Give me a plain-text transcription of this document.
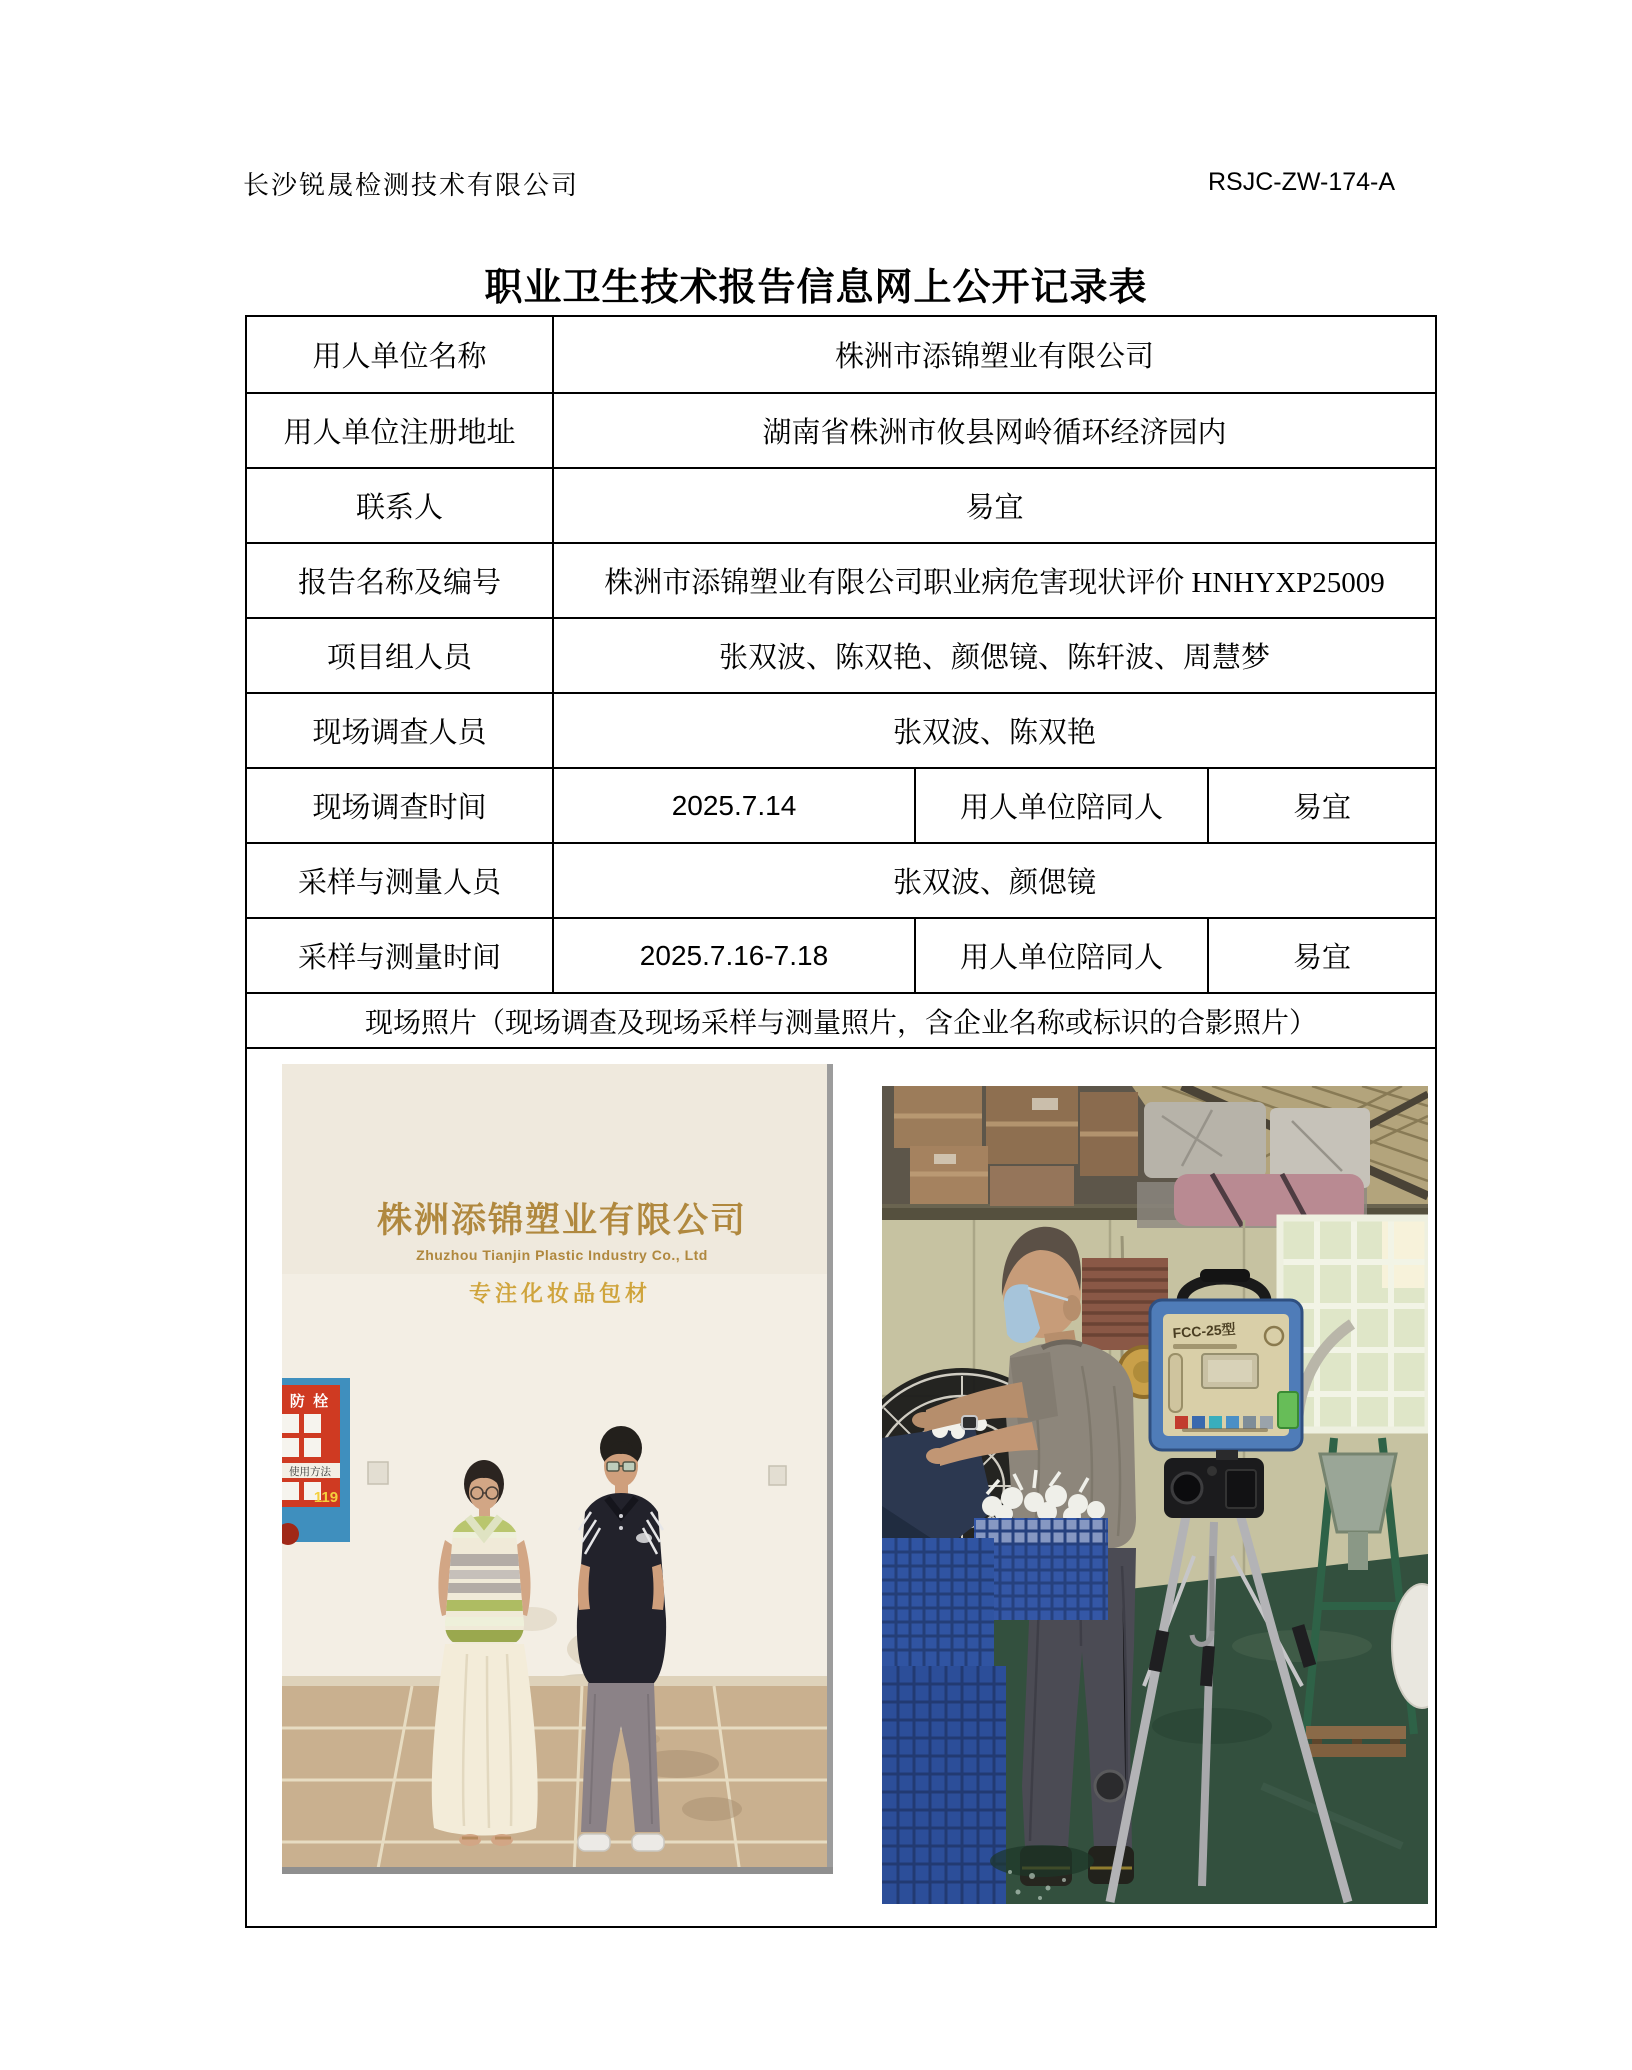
长沙锐晟检测技术有限公司	RSJC-ZW-174-A
职业卫生技术报告信息网上公开记录表
用人单位名称	株洲市添锦塑业有限公司
用人单位注册地址	湖南省株洲市攸县网岭循环经济园内
联系人	易宜
报告名称及编号	株洲市添锦塑业有限公司职业病危害现状评价 HNHYXP25009
项目组人员	张双波、陈双艳、颜偲镜、陈轩波、周慧梦
现场调查人员	张双波、陈双艳
现场调查时间	2025.7.14	用人单位陪同人	易宜
采样与测量人员	张双波、颜偲镜
采样与测量时间	2025.7.16-7.18	用人单位陪同人	易宜
现场照片（现场调查及现场采样与测量照片，含企业名称或标识的合影照片）
株洲添锦塑业有限公司
Zhuzhou Tianjin Plastic Industry Co., Ltd
专注化妆品包材
防 栓
使用方法
119
FCC-25型
